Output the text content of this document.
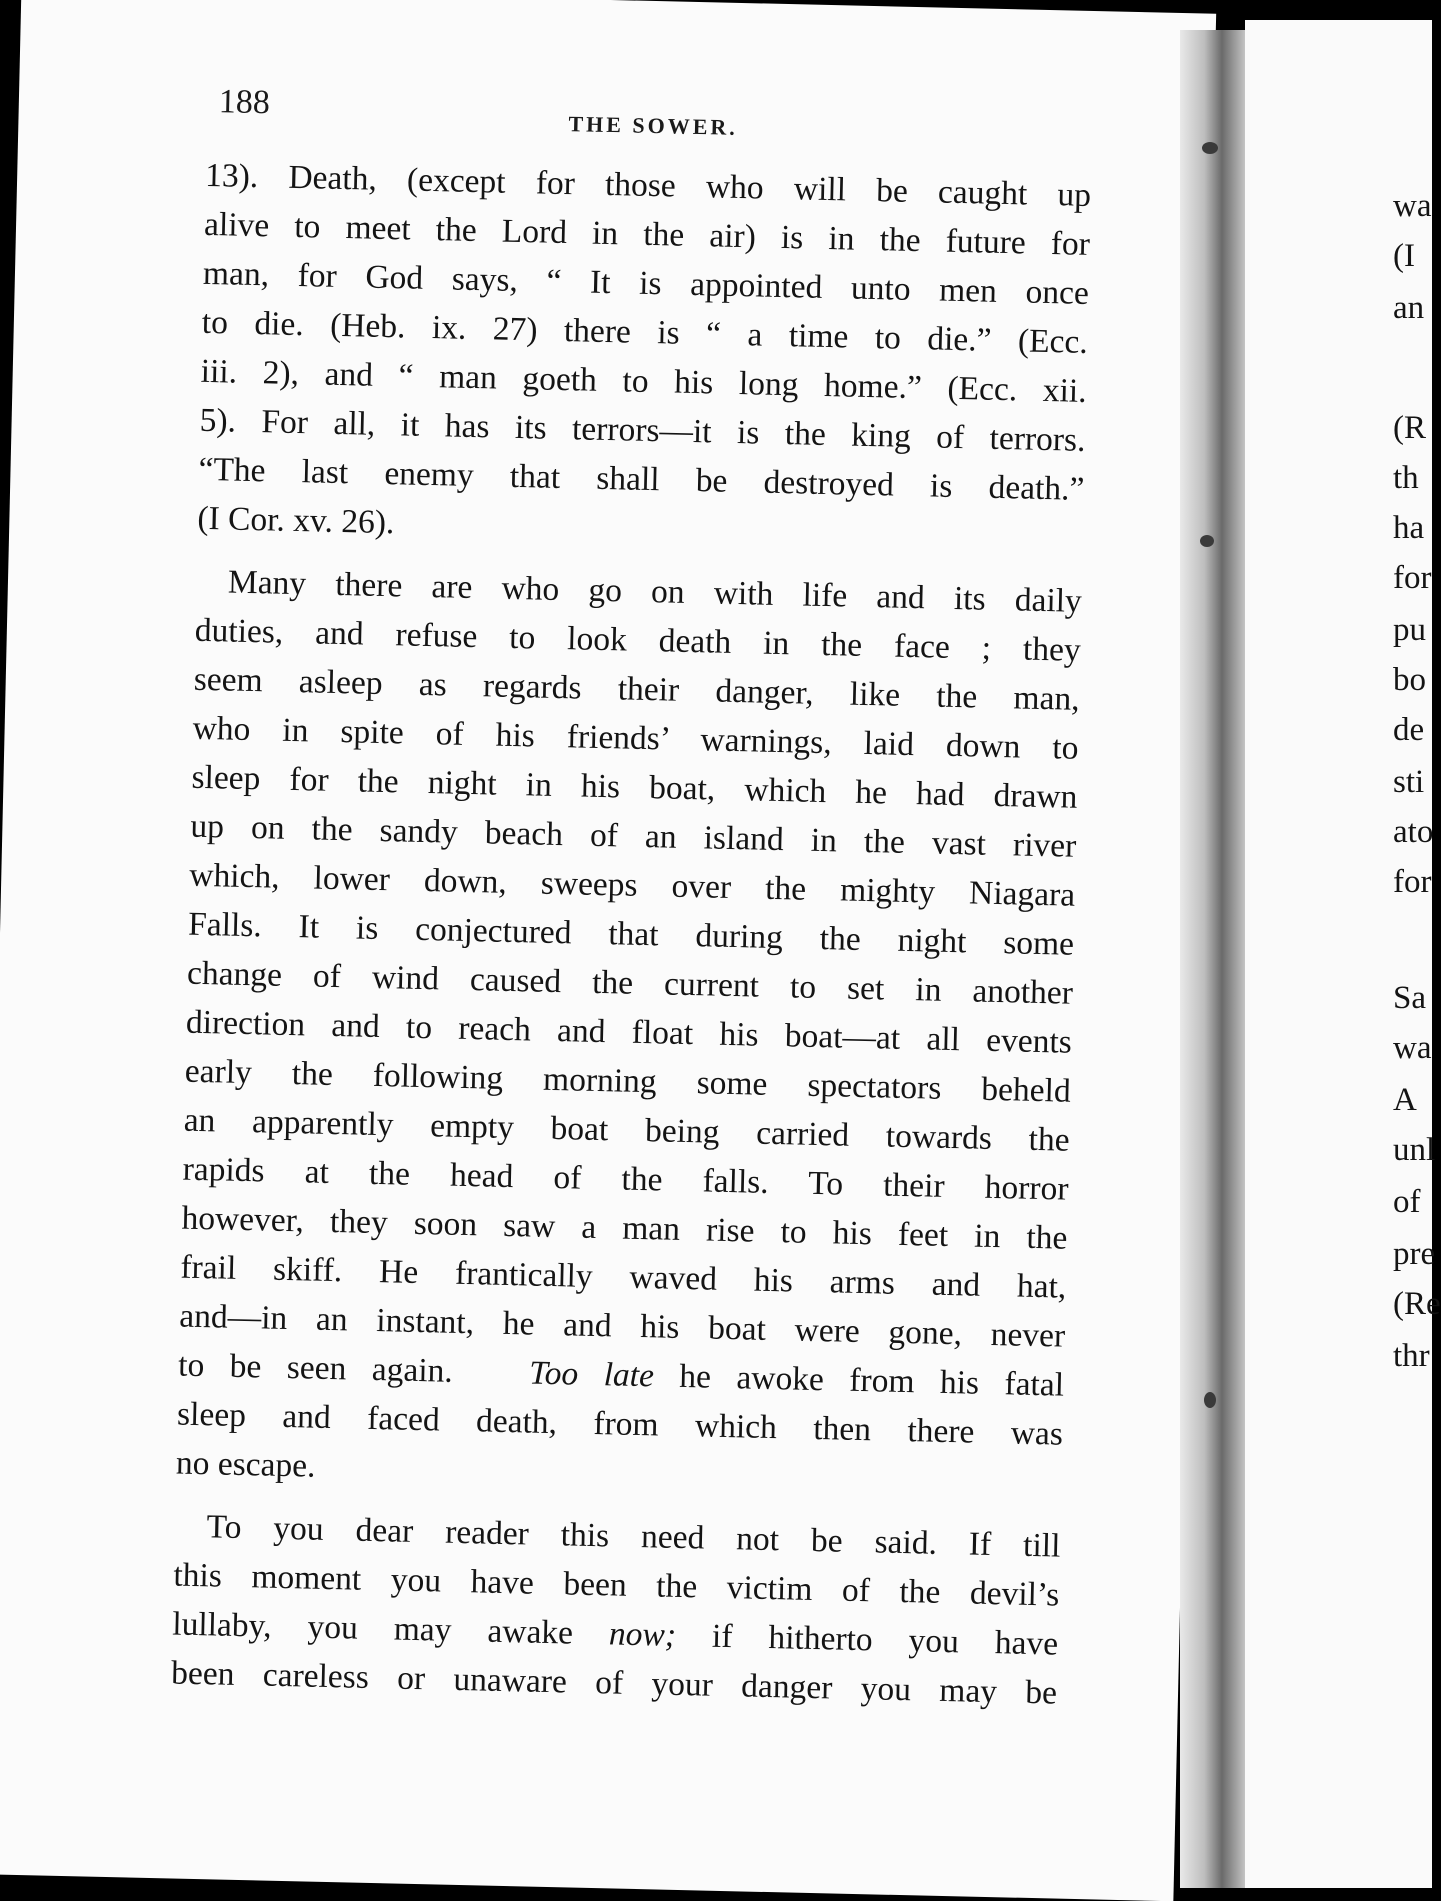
188
THE SOWER.

13). Death, (except for those who will be caught up
alive to meet the Lord in the air) is in the future for
man, for God says, “ It is appointed unto men once
to die. (Heb. ix. 27) there is “ a time to die.” (Ecc.
iii. 2), and “ man goeth to his long home.” (Ecc. xii.
5). For all, it has its terrors—it is the king of terrors.
“The last enemy that shall be destroyed is death.”
(I Cor. xv. 26).

Many there are who go on with life and its daily
duties, and refuse to look death in the face ; they
seem asleep as regards their danger, like the man,
who in spite of his friends’ warnings, laid down to
sleep for the night in his boat, which he had drawn
up on the sandy beach of an island in the vast river
which, lower down, sweeps over the mighty Niagara
Falls. It is conjectured that during the night some
change of wind caused the current to set in another
direction and to reach and float his boat—at all events
early the following morning some spectators beheld
an apparently empty boat being carried towards the
rapids at the head of the falls. To their horror
however, they soon saw a man rise to his feet in the
frail skiff. He frantically waved his arms and hat,
and—in an instant, he and his boat were gone, never
to be seen again. Too late he awoke from his fatal
sleep and faced death, from which then there was
no escape.

To you dear reader this need not be said. If till
this moment you have been the victim of the devil’s
lullaby, you may awake now; if hitherto you have
been careless or unaware of your danger you may be

wa
(I
an
(R
th
ha
for
pu
bo
de
sti
ato
for
Sa
wa
A
unl
of
pre
(Re
thr
